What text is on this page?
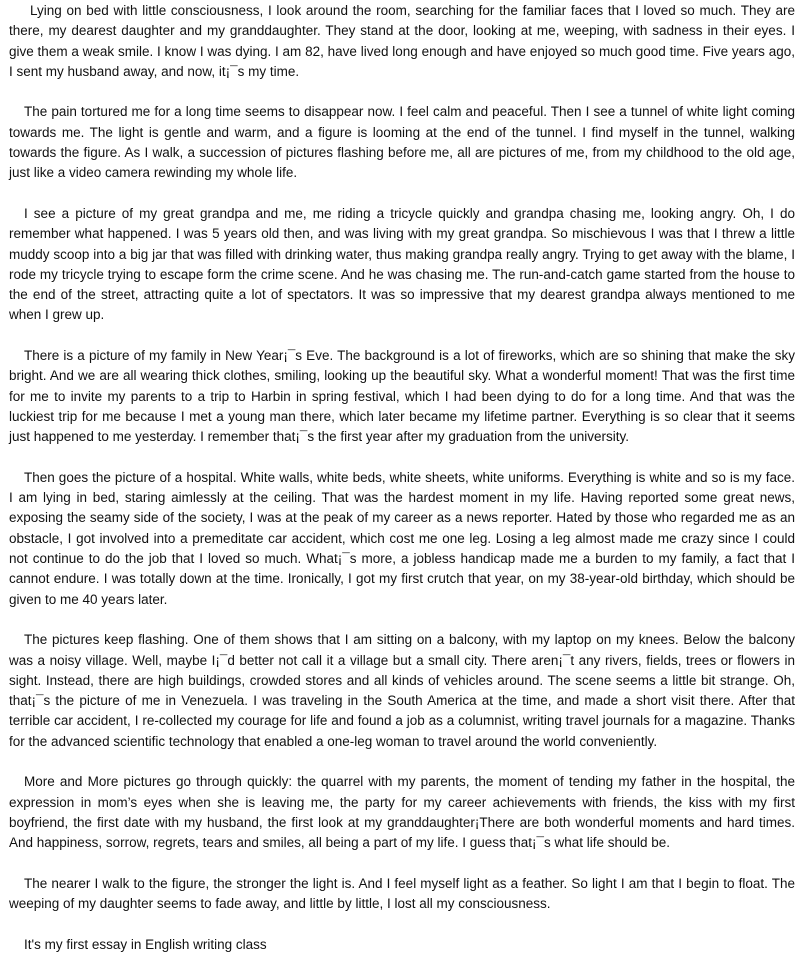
Lying on bed with little consciousness, I look around the room, searching for the familiar faces that I loved so much. They are there, my dearest daughter and my granddaughter. They stand at the door, looking at me, weeping, with sadness in their eyes. I give them a weak smile. I know I was dying. I am 82, have lived long enough and have enjoyed so much good time. Five years ago, I sent my husband away, and now, it¡¯s my time.

The pain tortured me for a long time seems to disappear now. I feel calm and peaceful. Then I see a tunnel of white light coming towards me. The light is gentle and warm, and a figure is looming at the end of the tunnel. I find myself in the tunnel, walking towards the figure. As I walk, a succession of pictures flashing before me, all are pictures of me, from my childhood to the old age, just like a video camera rewinding my whole life.

I see a picture of my great grandpa and me, me riding a tricycle quickly and grandpa chasing me, looking angry. Oh, I do remember what happened. I was 5 years old then, and was living with my great grandpa. So mischievous I was that I threw a little muddy scoop into a big jar that was filled with drinking water, thus making grandpa really angry. Trying to get away with the blame, I rode my tricycle trying to escape form the crime scene. And he was chasing me. The run-and-catch game started from the house to the end of the street, attracting quite a lot of spectators. It was so impressive that my dearest grandpa always mentioned to me when I grew up.

There is a picture of my family in New Year¡¯s Eve. The background is a lot of fireworks, which are so shining that make the sky bright. And we are all wearing thick clothes, smiling, looking up the beautiful sky. What a wonderful moment! That was the first time for me to invite my parents to a trip to Harbin in spring festival, which I had been dying to do for a long time. And that was the luckiest trip for me because I met a young man there, which later became my lifetime partner. Everything is so clear that it seems just happened to me yesterday. I remember that¡¯s the first year after my graduation from the university.

Then goes the picture of a hospital. White walls, white beds, white sheets, white uniforms. Everything is white and so is my face. I am lying in bed, staring aimlessly at the ceiling. That was the hardest moment in my life. Having reported some great news, exposing the seamy side of the society, I was at the peak of my career as a news reporter. Hated by those who regarded me as an obstacle, I got involved into a premeditate car accident, which cost me one leg. Losing a leg almost made me crazy since I could not continue to do the job that I loved so much. What¡¯s more, a jobless handicap made me a burden to my family, a fact that I cannot endure. I was totally down at the time. Ironically, I got my first crutch that year, on my 38-year-old birthday, which should be given to me 40 years later.

The pictures keep flashing. One of them shows that I am sitting on a balcony, with my laptop on my knees. Below the balcony was a noisy village. Well, maybe I¡¯d better not call it a village but a small city. There aren¡¯t any rivers, fields, trees or flowers in sight. Instead, there are high buildings, crowded stores and all kinds of vehicles around. The scene seems a little bit strange. Oh, that¡¯s the picture of me in Venezuela. I was traveling in the South America at the time, and made a short visit there. After that terrible car accident, I re-collected my courage for life and found a job as a columnist, writing travel journals for a magazine. Thanks for the advanced scientific technology that enabled a one-leg woman to travel around the world conveniently.

More and More pictures go through quickly: the quarrel with my parents, the moment of tending my father in the hospital, the expression in mom’s eyes when she is leaving me, the party for my career achievements with friends, the kiss with my first boyfriend, the first date with my husband, the first look at my granddaughter¡There are both wonderful moments and hard times. And happiness, sorrow, regrets, tears and smiles, all being a part of my life. I guess that¡¯s what life should be.

The nearer I walk to the figure, the stronger the light is. And I feel myself light as a feather. So light I am that I begin to float. The weeping of my daughter seems to fade away, and little by little, I lost all my consciousness.

It's my first essay in English writing class
